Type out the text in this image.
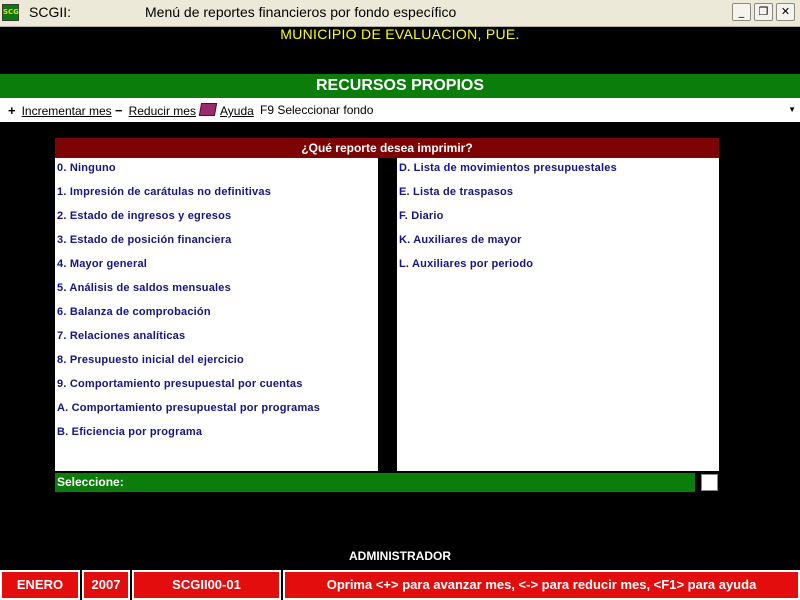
SCG SCGII:	Menú de reportes financieros por fondo específico	_	❐	✕
MUNICIPIO DE EVALUACION, PUE.
RECURSOS PROPIOS
+ Incrementar mes − Reducir mes	Ayuda F9 Seleccionar fondo	▼
¿Qué reporte desea imprimir?
0. Ninguno
1. Impresión de carátulas no definitivas
2. Estado de ingresos y egresos
3. Estado de posición financiera
4. Mayor general
5. Análisis de saldos mensuales
6. Balanza de comprobación
7. Relaciones analíticas
8. Presupuesto inicial del ejercicio
9. Comportamiento presupuestal por cuentas
A. Comportamiento presupuestal por programas
B. Eficiencia por programa
D. Lista de movimientos presupuestales
E. Lista de traspasos
F. Diario
K. Auxiliares de mayor
L. Auxiliares por periodo
Seleccione:
ADMINISTRADOR
ENERO	2007	SCGII00-01	Oprima <+> para avanzar mes, <-> para reducir mes, <F1> para ayuda
